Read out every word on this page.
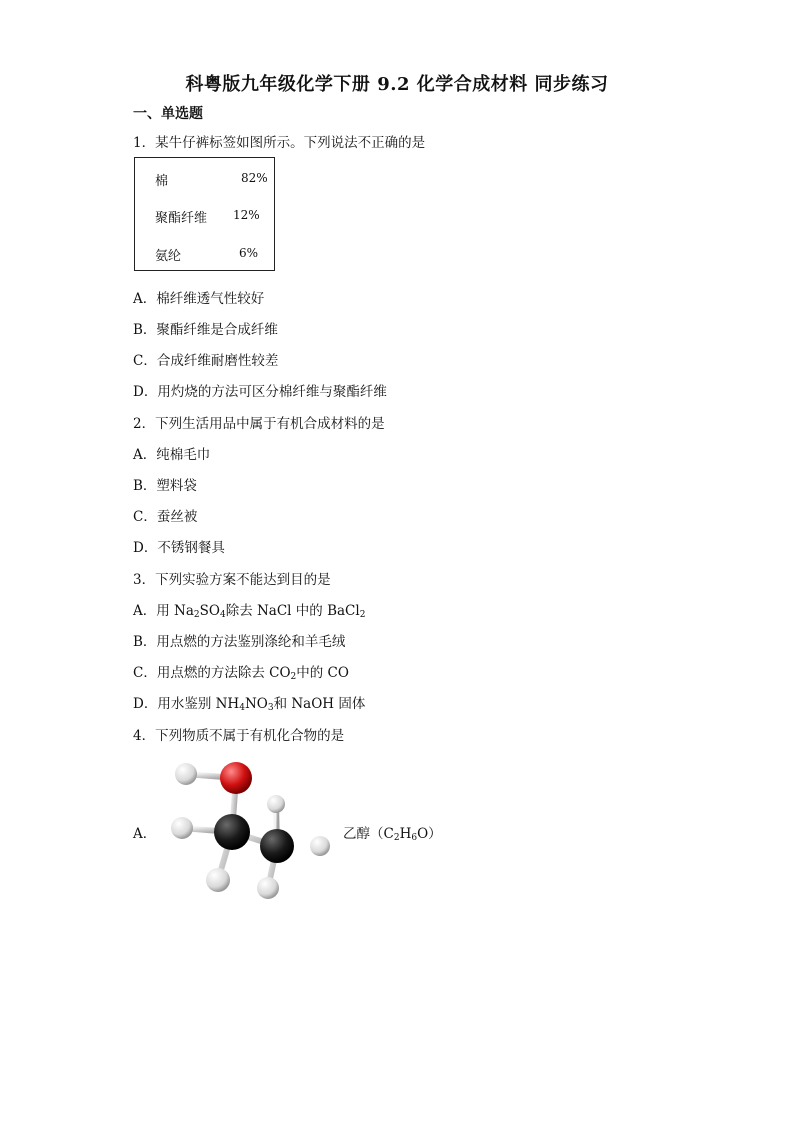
科粤版九年级化学下册 9.2 化学合成材料 同步练习
一、单选题
1．某牛仔裤标签如图所示。下列说法不正确的是
棉	82%
聚酯纤维 12%
氨纶	6%
A．棉纤维透气性较好
B．聚酯纤维是合成纤维
C．合成纤维耐磨性较差
D．用灼烧的方法可区分棉纤维与聚酯纤维
2．下列生活用品中属于有机合成材料的是
A．纯棉毛巾
B．塑料袋
C．蚕丝被
D．不锈钢餐具
3．下列实验方案不能达到目的是
A．用 $Na_2SO_4$除去 NaCl 中的 BaCl$_2$
B．用点燃的方法鉴别涤纶和羊毛绒
C．用点燃的方法除去 $CO_2$中的 CO
D．用水鉴别 $NH_4NO_3$和 NaOH 固体
4．下列物质不属于有机化合物的是
A．	乙醇$(C_2H_6O)$
